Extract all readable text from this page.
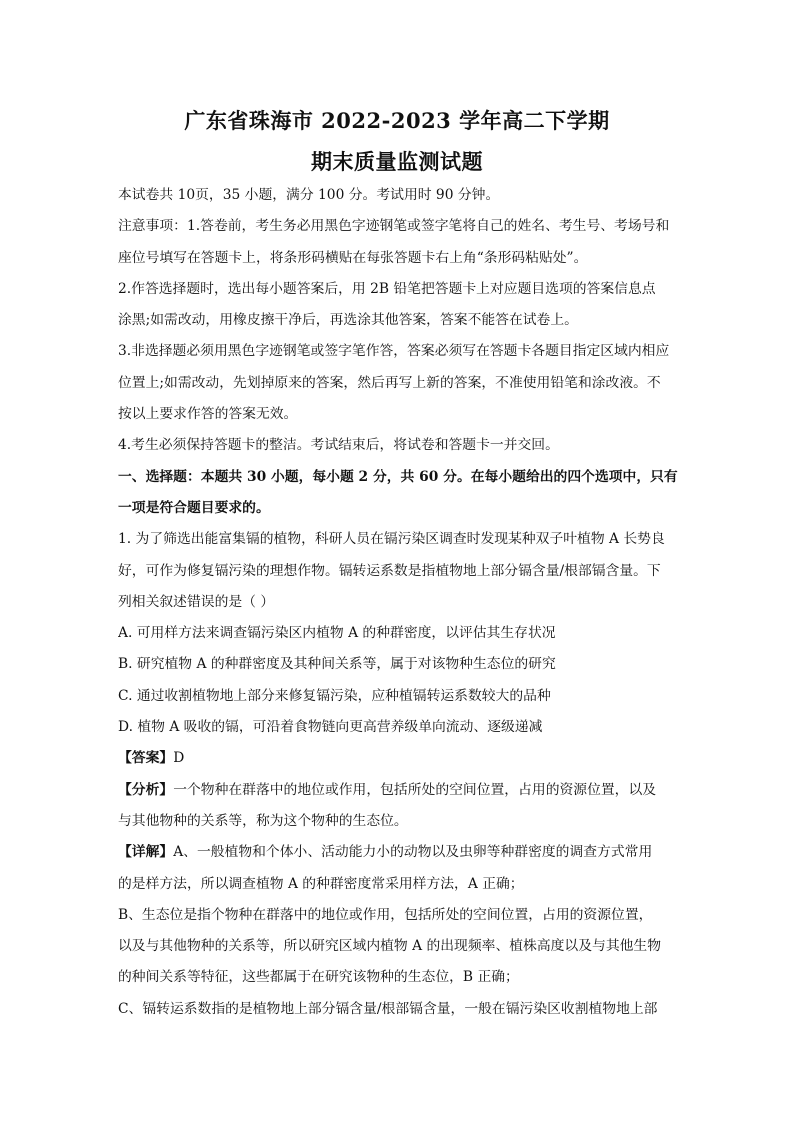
广东省珠海市 2022-2023 学年高二下学期
期末质量监测试题
本试卷共 10页，35 小题，满分 100 分。考试用时 90 分钟。
注意事项：1.答卷前，考生务必用黑色字迹钢笔或签字笔将自己的姓名、考生号、考场号和
座位号填写在答题卡上，将条形码横贴在每张答题卡右上角“条形码粘贴处”。
2.作答选择题时，选出每小题答案后，用 2B 铅笔把答题卡上对应题目选项的答案信息点
涂黑;如需改动，用橡皮擦干净后，再选涂其他答案，答案不能答在试卷上。
3.非选择题必须用黑色字迹钢笔或签字笔作答，答案必须写在答题卡各题目指定区域内相应
位置上;如需改动，先划掉原来的答案，然后再写上新的答案，不准使用铅笔和涂改液。不
按以上要求作答的答案无效。
4.考生必须保持答题卡的整洁。考试结束后，将试卷和答题卡一并交回。
一、选择题：本题共 30 小题，每小题 2 分，共 60 分。在每小题给出的四个选项中，只有
一项是符合题目要求的。
1. 为了筛选出能富集镉的植物，科研人员在镉污染区调查时发现某种双子叶植物 A 长势良
好，可作为修复镉污染的理想作物。镉转运系数是指植物地上部分镉含量/根部镉含量。下
列相关叙述错误的是（ ）
A. 可用样方法来调查镉污染区内植物 A 的种群密度，以评估其生存状况
B. 研究植物 A 的种群密度及其种间关系等，属于对该物种生态位的研究
C. 通过收割植物地上部分来修复镉污染，应种植镉转运系数较大的品种
D. 植物 A 吸收的镉，可沿着食物链向更高营养级单向流动、逐级递减
【答案】D
【分析】一个物种在群落中的地位或作用，包括所处的空间位置，占用的资源位置，以及
与其他物种的关系等，称为这个物种的生态位。
【详解】A、一般植物和个体小、活动能力小的动物以及虫卵等种群密度的调查方式常用
的是样方法，所以调查植物 A 的种群密度常采用样方法，A 正确；
B、生态位是指个物种在群落中的地位或作用，包括所处的空间位置，占用的资源位置，
以及与其他物种的关系等，所以研究区域内植物 A 的出现频率、植株高度以及与其他生物
的种间关系等特征，这些都属于在研究该物种的生态位，B 正确；
C、镉转运系数指的是植物地上部分镉含量/根部镉含量，一般在镉污染区收割植物地上部
